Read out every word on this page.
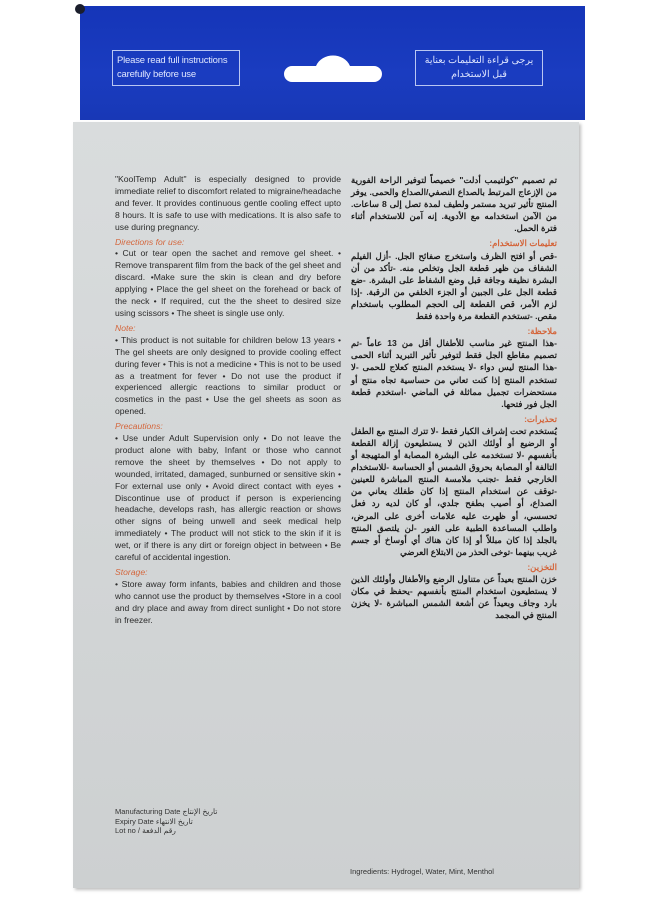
Please read full instructions carefully before use
يرجى قراءة التعليمات بعناية قبل الاستخدام

"KoolTemp Adult" is especially designed to provide immediate relief to discomfort related to migraine/headache and fever. It provides continuous gentle cooling effect upto 8 hours. It is safe to use with medications. It is also safe to use during pregnancy.

Directions for use:

• Cut or tear open the sachet and remove gel sheet. • Remove transparent film from the back of the gel sheet and discard. •Make sure the skin is clean and dry before applying • Place the gel sheet on the forehead or back of the neck • If required, cut the the sheet to desired size using scissors • The sheet is single use only.

Note:

• This product is not suitable for children below 13 years • The gel sheets are only designed to provide cooling effect during fever • This is not a medicine • This is not to be used as a treatment for fever • Do not use the product if experienced allergic reactions to similar product or cosmetics in the past • Use the gel sheets as soon as opened.

Precautions:

• Use under Adult Supervision only • Do not leave the product alone with baby, Infant or those who cannot remove the sheet by themselves • Do not apply to wounded, irritated, damaged, sunburned or sensitive skin • For external use only • Avoid direct contact with eyes • Discontinue use of product if person is experiencing headache, develops rash, has allergic reaction or shows other signs of being unwell and seek medical help immediately • The product will not stick to the skin if it is wet, or if there is any dirt or foreign object in between • Be careful of accidental ingestion.

Storage:

• Store away form infants, babies and children and those who cannot use the product by themselves •Store in a cool and dry place and away from direct sunlight • Do not store in freezer.

تم تصميم "كولتيمب أدلت" خصيصاً لتوفير الراحة الفورية من الإزعاج المرتبط بالصداع النصفي/الصداع والحمى. يوفر المنتج تأثير تبريد مستمر ولطيف لمدة تصل إلى 8 ساعات. من الآمن استخدامه مع الأدوية. إنه آمن للاستخدام أثناء فترة الحمل.

تعليمات الاستخدام:

-قص أو افتح الظرف واستخرج صفائح الجل. -أزل الفيلم الشفاف من ظهر قطعة الجل وتخلص منه. -تأكد من أن البشرة نظيفة وجافة قبل وضع الشفاط على البشرة. -ضع قطعة الجل على الجبين أو الجزء الخلفي من الرقبة. -إذا لزم الأمر، قص القطعة إلى الحجم المطلوب باستخدام مقص. -تستخدم القطعة مرة واحدة فقط

ملاحظة:

-هذا المنتج غير مناسب للأطفال أقل من 13 عاماً -تم تصميم مقاطع الجل فقط لتوفير تأثير التبريد أثناء الحمى -هذا المنتج ليس دواء -لا يستخدم المنتج كعلاج للحمى -لا تستخدم المنتج إذا كنت تعاني من حساسية تجاه منتج أو مستحضرات تجميل مماثلة في الماضي -استخدم قطعة الجل فور فتحها.

تحذيرات:

يُستخدم تحت إشراف الكبار فقط -لا تترك المنتج مع الطفل أو الرضيع أو أولئك الذين لا يستطيعون إزالة القطعة بأنفسهم -لا تستخدمه على البشرة المصابة أو المتهيجة أو التالفة أو المصابة بحروق الشمس أو الحساسة -للاستخدام الخارجي فقط -تجنب ملامسة المنتج المباشرة للعينين -توقف عن استخدام المنتج إذا كان طفلك يعاني من الصداع، أو أصيب بطفح جلدي، أو كان لديه رد فعل تحسسي، أو ظهرت عليه علامات أخرى على المرض، واطلب المساعدة الطبية على الفور -لن يلتصق المنتج بالجلد إذا كان مبللاً أو إذا كان هناك أي أوساخ أو جسم غريب بينهما -توخى الحذر من الابتلاع العرضي

التخزين:

خزن المنتج بعيداً عن متناول الرضع والأطفال وأولئك الذين لا يستطيعون استخدام المنتج بأنفسهم -يحفظ في مكان بارد وجاف وبعيداً عن أشعة الشمس المباشرة -لا يخزن المنتج في المجمد

Manufacturing Date تاريخ الإنتاج
Expiry Date تاريخ الانتهاء
Lot no / رقم الدفعة
Ingredients: Hydrogel, Water, Mint, Menthol
